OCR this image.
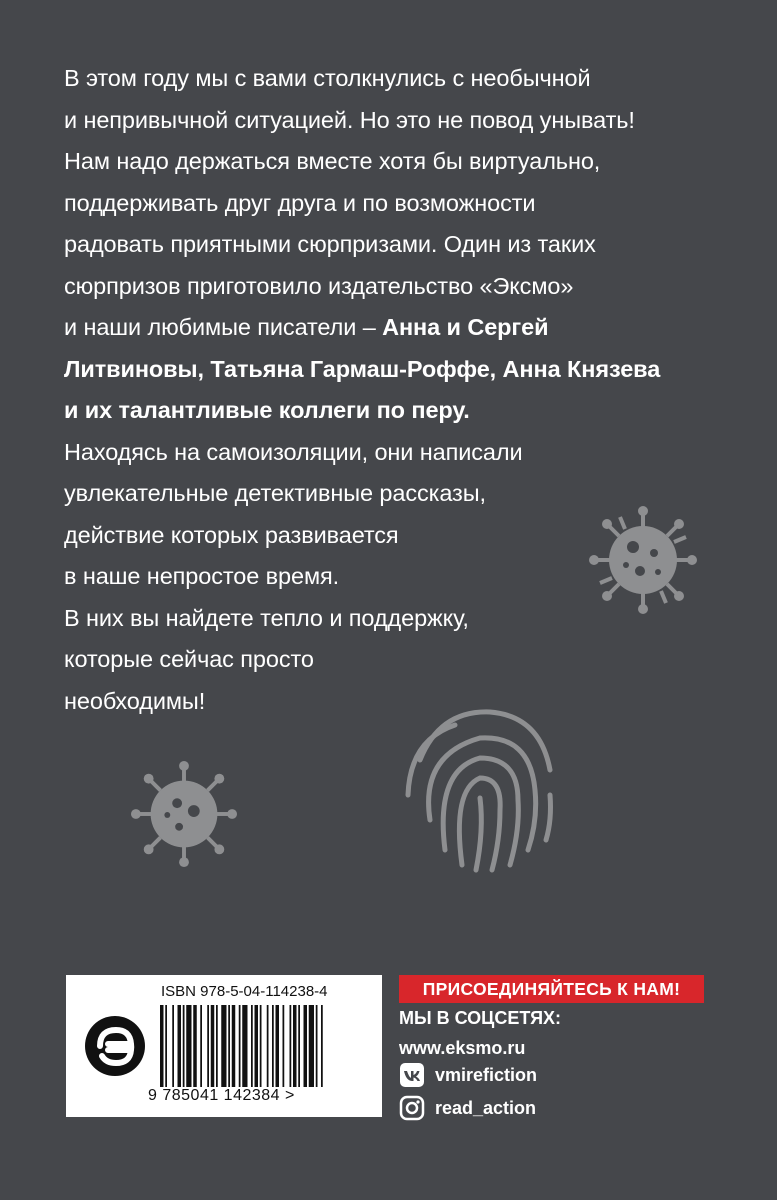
В этом году мы с вами столкнулись с необычной
и непривычной ситуацией. Но это не повод унывать!
Нам надо держаться вместе хотя бы виртуально,
поддерживать друг друга и по возможности
радовать приятными сюрпризами. Один из таких
сюрпризов приготовило издательство «Эксмо»
и наши любимые писатели – Анна и Сергей
Литвиновы, Татьяна Гармаш-Роффе, Анна Князева
и их талантливые коллеги по перу.
Находясь на самоизоляции, они написали
увлекательные детективные рассказы,
действие которых развивается
в наше непростое время.
В них вы найдете тепло и поддержку,
которые сейчас просто
необходимы!
ISBN 978-5-04-114238-4
9 785041 142384 >
ПРИСОЕДИНЯЙТЕСЬ К НАМ!
МЫ В СОЦСЕТЯХ:
www.eksmo.ru
vmirefiction
read_action
